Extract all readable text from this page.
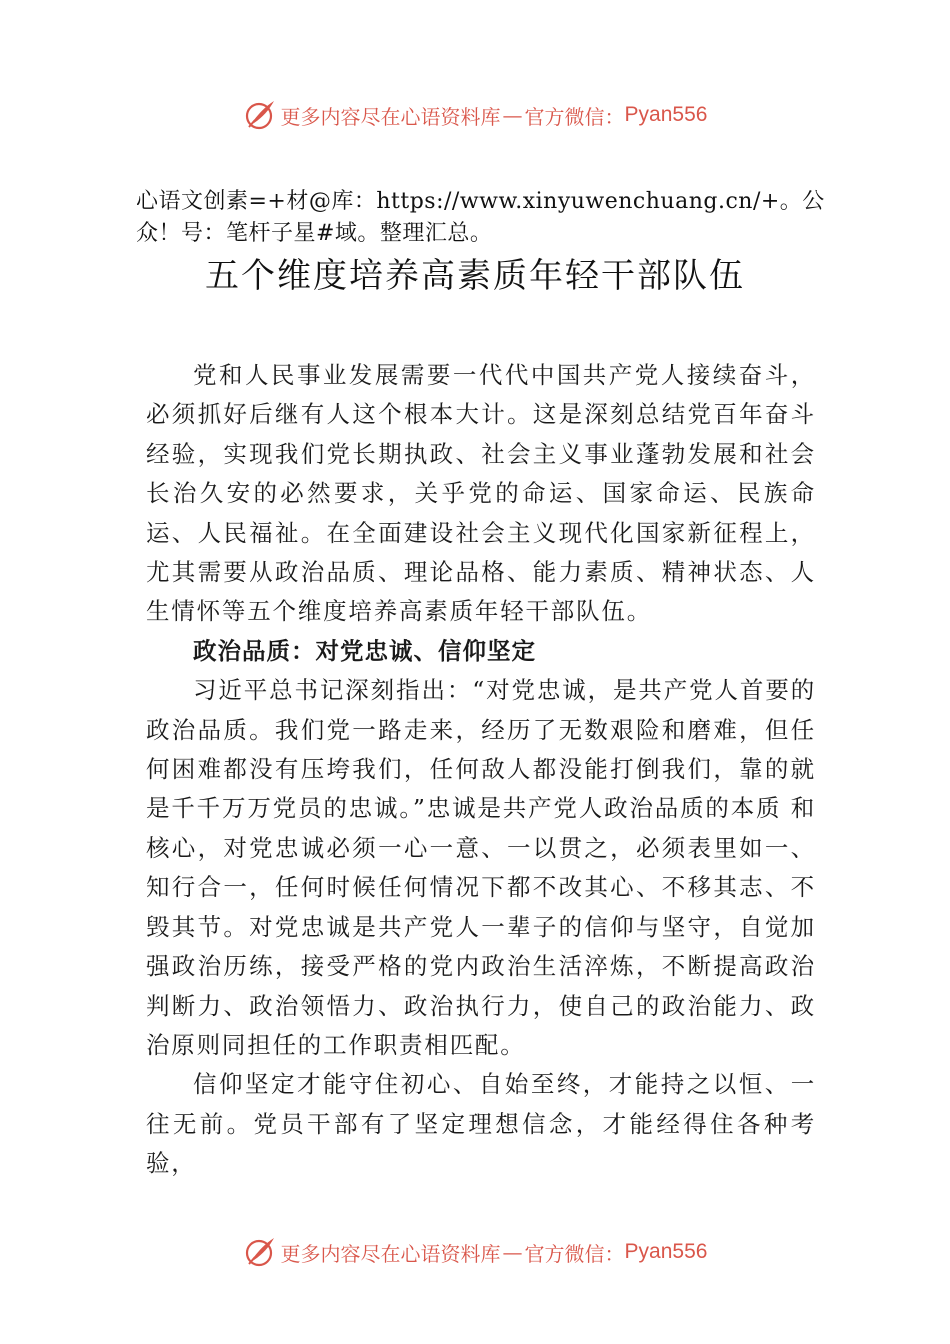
更多内容尽在心语资料库 — 官方微信： Pyan556
心语文创素=+材@库：https://www.xinyuwenchuang.cn/+。公众！号：笔杆子星#域。整理汇总。
五个维度培养高素质年轻干部队伍

党和人民事业发展需要一代代中国共产党人接续奋斗，必须抓好后继有人这个根本大计。这是深刻总结党百年奋斗经验，实现我们党长期执政、社会主义事业蓬勃发展和社会长治久安的必然要求，关乎党的命运、国家命运、民族命运、人民福祉。在全面建设社会主义现代化国家新征程上，尤其需要从政治品质、理论品格、能力素质、精神状态、人生情怀等五个维度培养高素质年轻干部队伍。

政治品质：对党忠诚、信仰坚定

习近平总书记深刻指出：“对党忠诚，是共产党人首要的政治品质。我们党一路走来，经历了无数艰险和磨难，但任何困难都没有压垮我们，任何敌人都没能打倒我们，靠的就是千千万万党员的忠诚。”忠诚是共产党人政治品质的本质 和核心，对党忠诚必须一心一意、一以贯之，必须表里如一、知行合一，任何时候任何情况下都不改其心、不移其志、不毁其节。对党忠诚是共产党人一辈子的信仰与坚守，自觉加强政治历练，接受严格的党内政治生活淬炼，不断提高政治判断力、政治领悟力、政治执行力，使自己的政治能力、政治原则同担任的工作职责相匹配。

信仰坚定才能守住初心、自始至终，才能持之以恒、一往无前。党员干部有了坚定理想信念，才能经得住各种考验，

更多内容尽在心语资料库 — 官方微信： Pyan556
